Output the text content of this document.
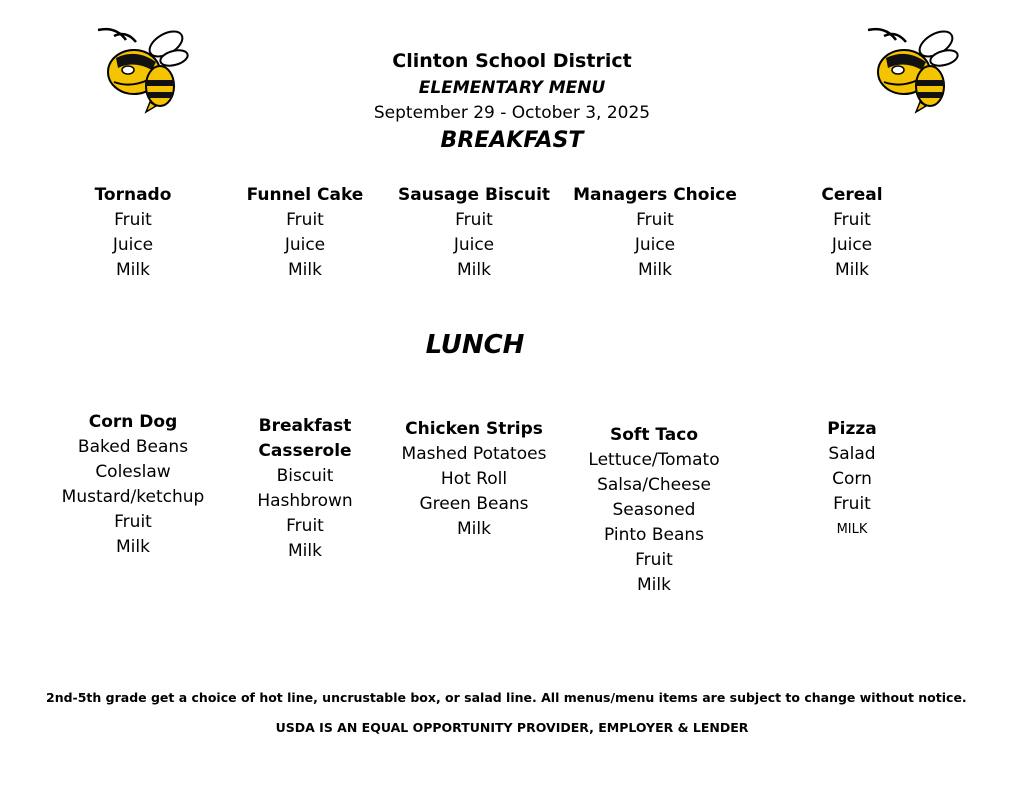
Clinton School District
ELEMENTARY MENU
September 29 - October 3, 2025
BREAKFAST
Tornado
Fruit
Juice
Milk
Funnel Cake
Fruit
Juice
Milk
Sausage Biscuit
Fruit
Juice
Milk
Managers Choice
Fruit
Juice
Milk
Cereal
Fruit
Juice
Milk
LUNCH
Corn Dog
Baked Beans
Coleslaw
Mustard/ketchup
Fruit
Milk
Breakfast
Casserole
Biscuit
Hashbrown
Fruit
Milk
Chicken Strips
Mashed Potatoes
Hot Roll
Green Beans
Milk
Soft Taco
Lettuce/Tomato
Salsa/Cheese
Seasoned
Pinto Beans
Fruit
Milk
Pizza
Salad
Corn
Fruit
MILK
2nd-5th grade get a choice of hot line, uncrustable box, or salad line. All menus/menu items are subject to change without notice.
USDA IS AN EQUAL OPPORTUNITY PROVIDER, EMPLOYER & LENDER
